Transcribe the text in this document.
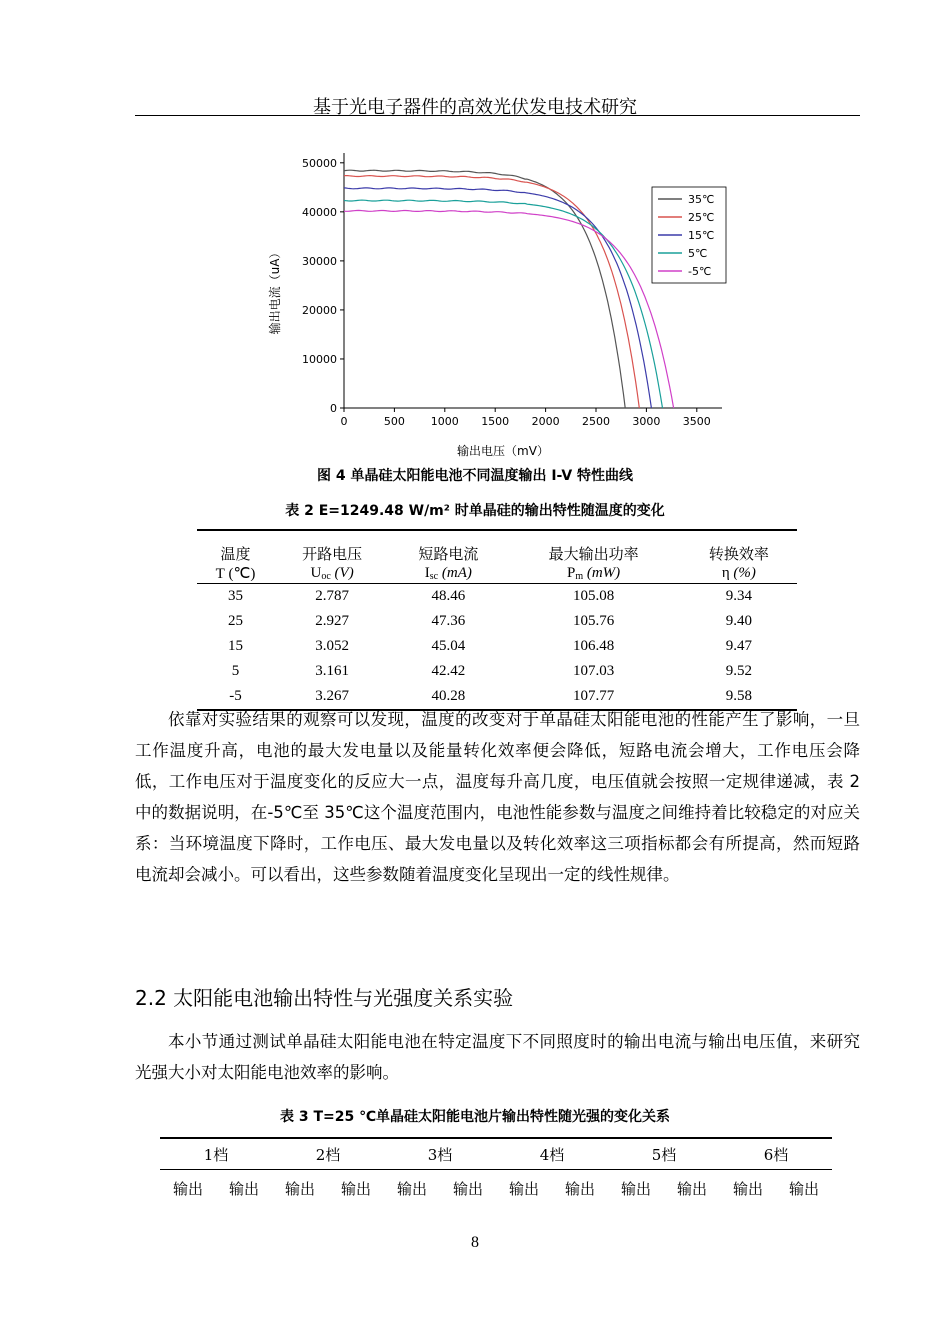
基于光电子器件的高效光伏发电技术研究
0	500 1000 1500 2000 2500 3000 3500
0
10000
20000
30000
40000
50000
输出电压（mV）
输出电流（uA）
35℃
25℃
15℃
5℃
-5℃
图 4 单晶硅太阳能电池不同温度输出 I-V 特性曲线
表 2 E=1249.48 W/m² 时单晶硅的输出特性随温度的变化
温度	开路电压	短路电流	最大输出功率	转换效率
T (℃)	$U_{oc}$ (V)	$I_{sc}$ (mA)	$P_m$ (mW)	η (%)
35	2.787	48.46	105.08	9.34
25	2.927	47.36	105.76	9.40
15	3.052	45.04	106.48	9.47
5	3.161	42.42	107.03	9.52
-5	3.267	40.28	107.77	9.58
依靠对实验结果的观察可以发现，温度的改变对于单晶硅太阳能电池的性能产生了影响，一旦工作温度升高，电池的最大发电量以及能量转化效率便会降低，短路电流会增大，工作电压会降低，工作电压对于温度变化的反应大一点，温度每升高几度，电压值就会按照一定规律递减，表 2 中的数据说明，在-5℃至 35℃这个温度范围内，电池性能参数与温度之间维持着比较稳定的对应关系：当环境温度下降时，工作电压、最大发电量以及转化效率这三项指标都会有所提高，然而短路电流却会减小。可以看出，这些参数随着温度变化呈现出一定的线性规律。
2.2 太阳能电池输出特性与光强度关系实验
本小节通过测试单晶硅太阳能电池在特定温度下不同照度时的输出电流与输出电压值，来研究光强大小对太阳能电池效率的影响。
表 3 T=25 ℃单晶硅太阳能电池片输出特性随光强的变化关系
1档		2档		3档		4档		5档		6档	
输出	输出	输出	输出	输出	输出	输出	输出	输出	输出	输出	输出
8
